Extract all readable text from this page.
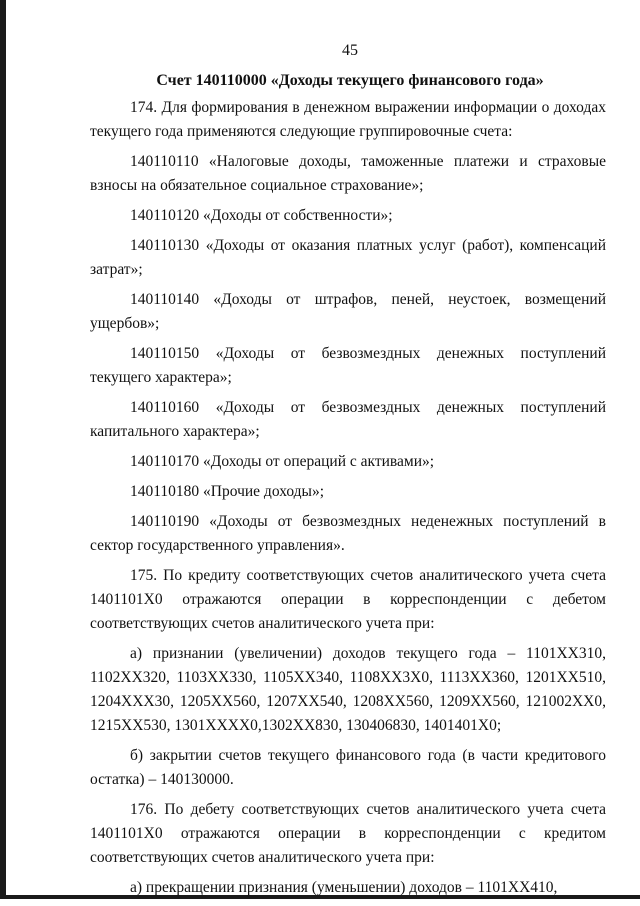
45
Счет 140110000 «Доходы текущего финансового года»

174. Для формирования в денежном выражении информации о доходах текущего года применяются следующие группировочные счета:

140110110 «Налоговые доходы, таможенные платежи и страховые взносы на обязательное социальное страхование»;

140110120 «Доходы от собственности»;

140110130 «Доходы от оказания платных услуг (работ), компенсаций затрат»;

140110140 «Доходы от штрафов, пеней, неустоек, возмещений ущербов»;

140110150 «Доходы от безвозмездных денежных поступлений текущего характера»;

140110160 «Доходы от безвозмездных денежных поступлений капитального характера»;

140110170 «Доходы от операций с активами»;

140110180 «Прочие доходы»;

140110190 «Доходы от безвозмездных неденежных поступлений в сектор государственного управления».

175. По кредиту соответствующих счетов аналитического учета счета 1401101Х0 отражаются операции в корреспонденции с дебетом соответствующих счетов аналитического учета при:

а) признании (увеличении) доходов текущего года – 1101ХХ310, 1102ХХ320, 1103ХХ330, 1105ХХ340, 1108ХХ3Х0, 1113ХХ360, 1201ХХ510, 1204ХХХ30, 1205ХХ560, 1207ХХ540, 1208ХХ560, 1209ХХ560, 121002ХХ0, 1215ХХ530, 1301ХХХХ0,1302ХХ830, 130406830, 1401401Х0;

б) закрытии счетов текущего финансового года (в части кредитового остатка) – 140130000.

176. По дебету соответствующих счетов аналитического учета счета 1401101Х0 отражаются операции в корреспонденции с кредитом соответствующих счетов аналитического учета при:

а) прекращении признания (уменьшении) доходов – 1101ХХ410,
